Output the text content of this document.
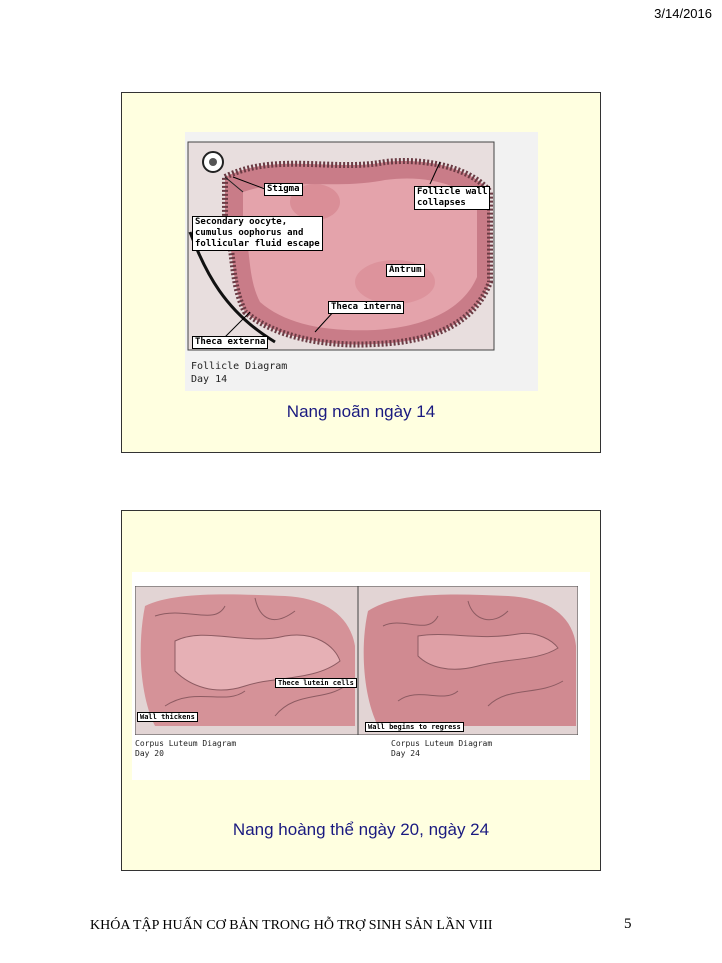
3/14/2016
Stigma	Follicle wall
collapses
Secondary oocyte,
cumulus oophorus and
follicular fluid escape
Antrum
Theca interna
Theca externa
Follicle Diagram
Day 14
Nang noãn ngày 14
Thece lutein cells
Wall thickens
Wall begins to regress
Corpus Luteum Diagram
Day 20
Corpus Luteum Diagram
Day 24
Nang hoàng thể ngày 20, ngày 24
KHÓA TẬP HUẤN CƠ BẢN TRONG HỖ TRỢ SINH SẢN LẦN VIII	5
